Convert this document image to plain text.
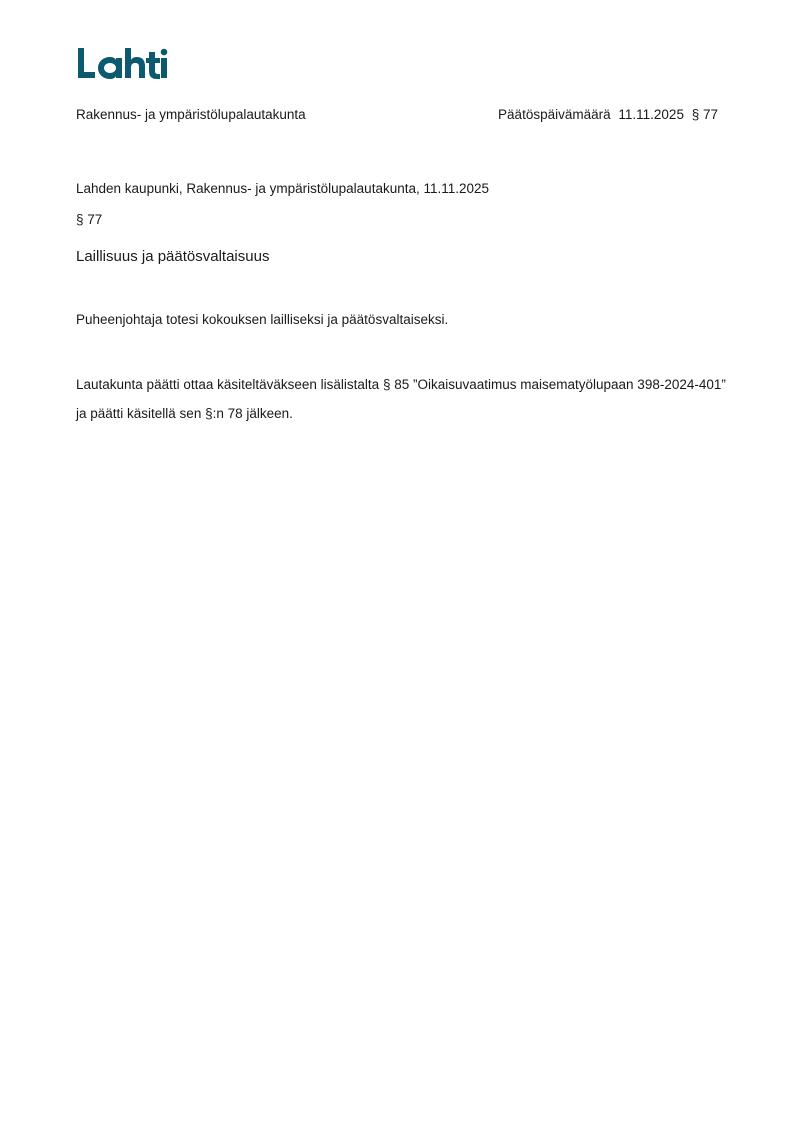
Rakennus- ja ympäristölupalautakunta	Päätöspäivämäärä 11.11.2025 § 77
Lahden kaupunki, Rakennus- ja ympäristölupalautakunta, 11.11.2025
§ 77
Laillisuus ja päätösvaltaisuus
Puheenjohtaja totesi kokouksen lailliseksi ja päätösvaltaiseksi.
Lautakunta päätti ottaa käsiteltäväkseen lisälistalta § 85 ”Oikaisuvaatimus maisematyölupaan 398-2024-401” ja päätti käsitellä sen §:n 78 jälkeen.
